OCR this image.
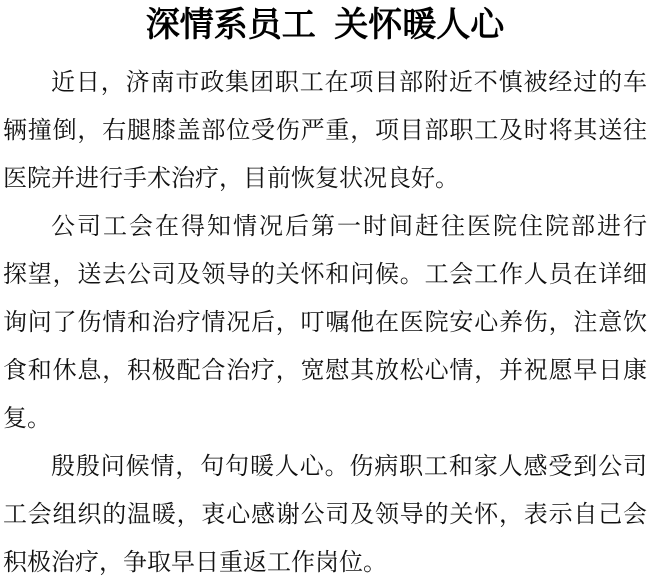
深情系员工 关怀暖人心
近日，济南市政集团职工在项目部附近不慎被经过的车
辆撞倒，右腿膝盖部位受伤严重，项目部职工及时将其送往
医院并进行手术治疗，目前恢复状况良好。
公司工会在得知情况后第一时间赶往医院住院部进行
探望，送去公司及领导的关怀和问候。工会工作人员在详细
询问了伤情和治疗情况后，叮嘱他在医院安心养伤，注意饮
食和休息，积极配合治疗，宽慰其放松心情，并祝愿早日康
复。
殷殷问候情，句句暖人心。伤病职工和家人感受到公司
工会组织的温暖，衷心感谢公司及领导的关怀，表示自己会
积极治疗，争取早日重返工作岗位。
